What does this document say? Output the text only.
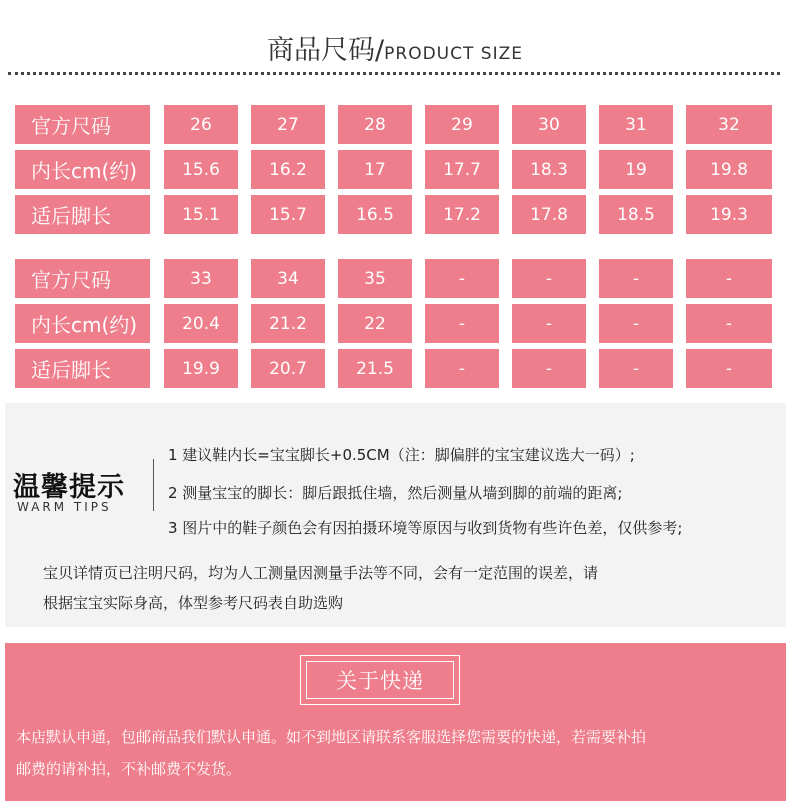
商品尺码/PRODUCT SIZE
官方尺码	26	27	28	29	30	31	32
内长cm(约)	15.6	16.2	17	17.7	18.3	19	19.8
适后脚长	15.1	15.7	16.5	17.2	17.8	18.5	19.3
官方尺码	33	34	35	-	-	-	-
内长cm(约)	20.4	21.2	22	-	-	-	-
适后脚长	19.9	20.7	21.5	-	-	-	-
温馨提示
WARM TIPS
1 建议鞋内长=宝宝脚长+0.5CM（注：脚偏胖的宝宝建议选大一码）;
2 测量宝宝的脚长：脚后跟抵住墙，然后测量从墙到脚的前端的距离;
3 图片中的鞋子颜色会有因拍摄环境等原因与收到货物有些许色差，仅供参考;
宝贝详情页已注明尺码，均为人工测量因测量手法等不同，会有一定范围的误差，请
根据宝宝实际身高，体型参考尺码表自助选购
关于快递
本店默认申通，包邮商品我们默认申通。如不到地区请联系客服选择您需要的快递，若需要补拍
邮费的请补拍，不补邮费不发货。
